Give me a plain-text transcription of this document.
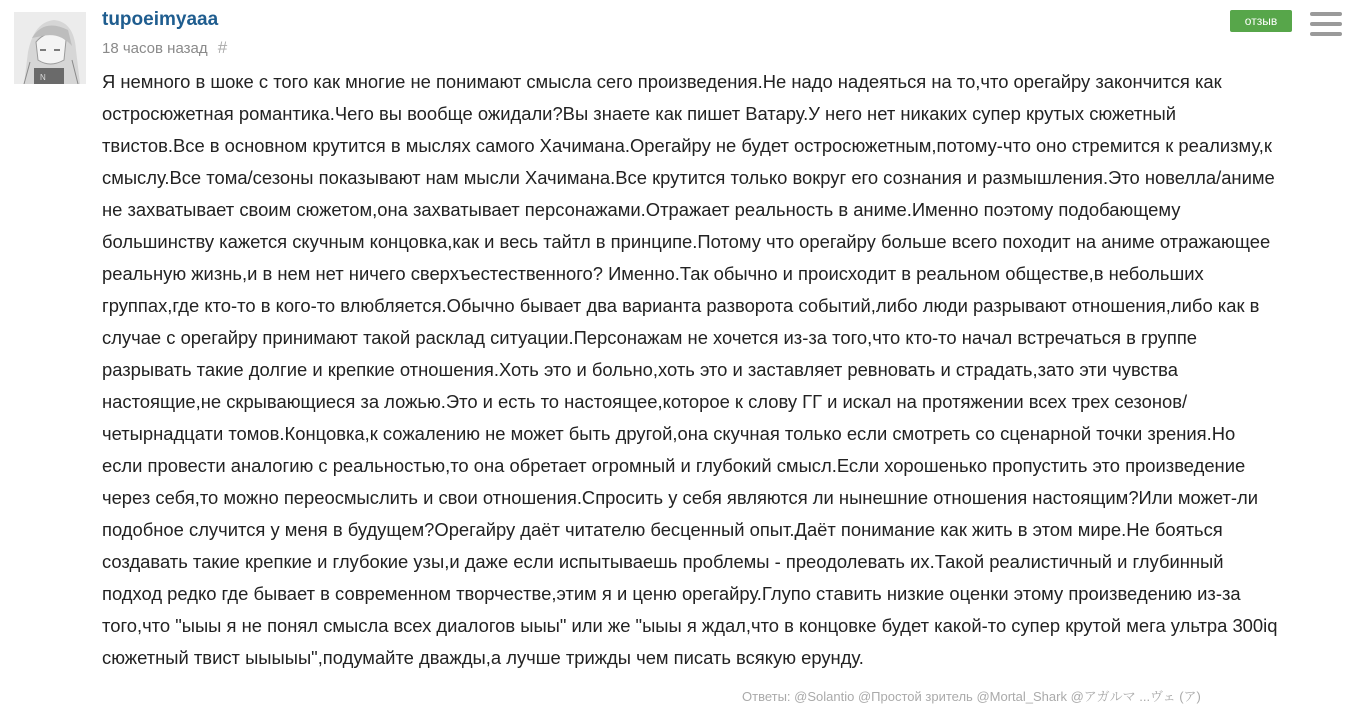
N
tupoeimyaaa
18 часов назад #
отзыв

Я немного в шоке с того как многие не понимают смысла сего произведения.Не надо надеяться на то,что орегайру закончится как

остросюжетная романтика.Чего вы вообще ожидали?Вы знаете как пишет Ватару.У него нет никаких супер крутых сюжетный

твистов.Все в основном крутится в мыслях самого Хачимана.Орегайру не будет остросюжетным,потому-что оно стремится к реализму,к

смыслу.Все тома/сезоны показывают нам мысли Хачимана.Все крутится только вокруг его сознания и размышления.Это новелла/аниме

не захватывает своим сюжетом,она захватывает персонажами.Отражает реальность в аниме.Именно поэтому подобающему

большинству кажется скучным концовка,как и весь тайтл в принципе.Потому что орегайру больше всего походит на аниме отражающее

реальную жизнь,и в нем нет ничего сверхъестественного? Именно.Так обычно и происходит в реальном обществе,в небольших

группах,где кто-то в кого-то влюбляется.Обычно бывает два варианта разворота событий,либо люди разрывают отношения,либо как в

случае с орегайру принимают такой расклад ситуации.Персонажам не хочется из-за того,что кто-то начал встречаться в группе

разрывать такие долгие и крепкие отношения.Хоть это и больно,хоть это и заставляет ревновать и страдать,зато эти чувства

настоящие,не скрывающиеся за ложью.Это и есть то настоящее,которое к слову ГГ и искал на протяжении всех трех сезонов/

четырнадцати томов.Концовка,к сожалению не может быть другой,она скучная только если смотреть со сценарной точки зрения.Но

если провести аналогию с реальностью,то она обретает огромный и глубокий смысл.Если хорошенько пропустить это произведение

через себя,то можно переосмыслить и свои отношения.Спросить у себя являются ли нынешние отношения настоящим?Или может-ли

подобное случится у меня в будущем?Орегайру даёт читателю бесценный опыт.Даёт понимание как жить в этом мире.Не бояться

создавать такие крепкие и глубокие узы,и даже если испытываешь проблемы - преодолевать их.Такой реалистичный и глубинный

подход редко где бывает в современном творчестве,этим я и ценю орегайру.Глупо ставить низкие оценки этому произведению из-за

того,что "ыыы я не понял смысла всех диалогов ыыы" или же "ыыы я ждал,что в концовке будет какой-то супер крутой мега ультра 300iq

сюжетный твист ыыыыы",подумайте дважды,а лучше трижды чем писать всякую ерунду.

Ответы: @Solantio @Простой зритель @Mortal_Shark @アガルマ ...ヴェ (ア)
